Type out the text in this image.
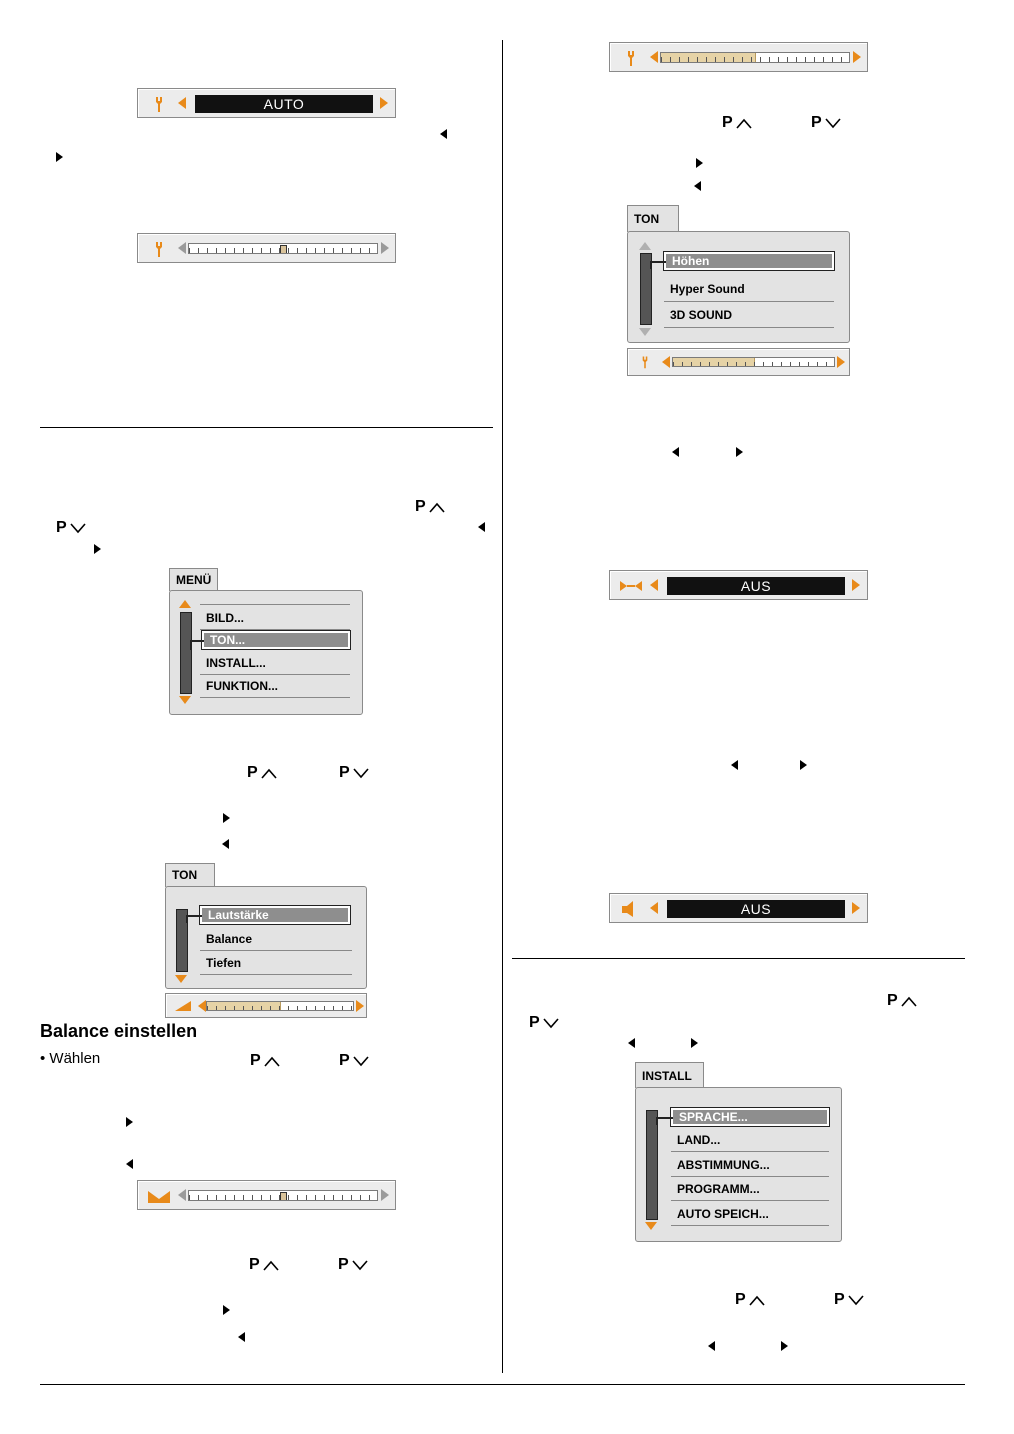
AUTO
P
P
MENÜ
BILD...
TON...
INSTALL...
FUNKTION...
P	P
TON
Lautstärke
Balance
Tiefen
Balance einstellen
• Wählen	P	P
P	P
P	P
TON
Höhen
Hyper Sound
3D SOUND
AUS
AUS
P
P
INSTALL
SPRACHE...
LAND...
ABSTIMMUNG...
PROGRAMM...
AUTO SPEICH...
P	P
